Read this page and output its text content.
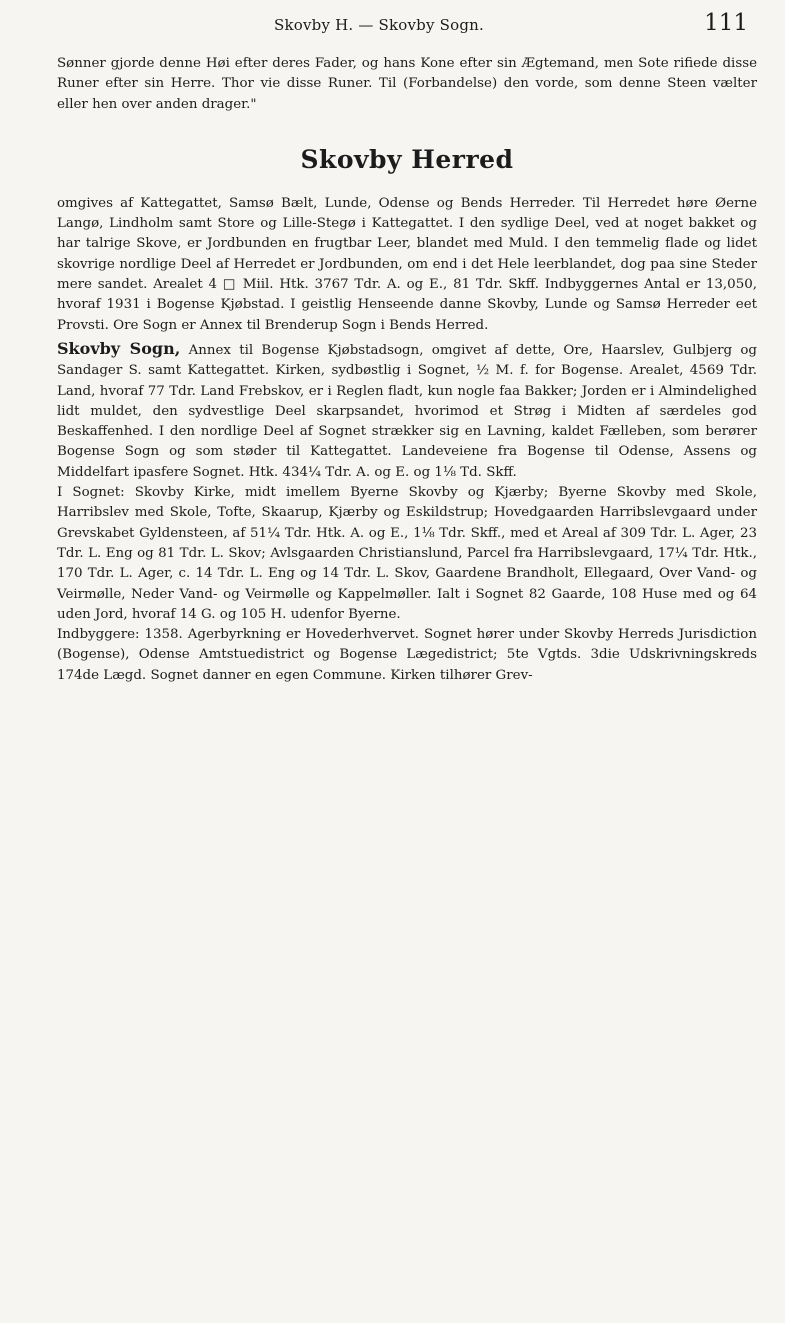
Skovby H. — Skovby Sogn.	111

Sønner gjorde denne Høi efter deres Fader, og hans Kone efter sin Ægtemand, men Sote rifiede disse Runer efter sin Herre. Thor vie disse Runer. Til (Forbandelse) den vorde, som denne Steen vælter eller hen over anden drager."

Skovby Herred

omgives af Kattegattet, Samsø Bælt, Lunde, Odense og Bends Herreder. Til Herredet høre Øerne Langø, Lindholm samt Store og Lille-Stegø i Kattegattet. I den sydlige Deel, ved at noget bakket og har talrige Skove, er Jordbunden en frugtbar Leer, blandet med Muld. I den temmelig flade og lidet skovrige nordlige Deel af Herredet er Jordbunden, om end i det Hele leerblandet, dog paa sine Steder mere sandet. Arealet 4 □ Miil. Htk. 3767 Tdr. A. og E., 81 Tdr. Skff. Indbyggernes Antal er 13,050, hvoraf 1931 i Bogense Kjøbstad. I geistlig Henseende danne Skovby, Lunde og Samsø Herreder eet Provsti. Ore Sogn er Annex til Brenderup Sogn i Bends Herred.

Skovby Sogn, Annex til Bogense Kjøbstadsogn, omgivet af dette, Ore, Haarslev, Gulbjerg og Sandager S. samt Kattegattet. Kirken, sydbøstlig i Sognet, ½ M. f. for Bogense. Arealet, 4569 Tdr. Land, hvoraf 77 Tdr. Land Frebskov, er i Reglen fladt, kun nogle faa Bakker; Jorden er i Almindelighed lidt muldet, den sydvestlige Deel skarpsandet, hvorimod et Strøg i Midten af særdeles god Beskaffenhed. I den nordlige Deel af Sognet strækker sig en Lavning, kaldet Fælleben, som berører Bogense Sogn og som støder til Kattegattet. Landeveiene fra Bogense til Odense, Assens og Middelfart ipasfere Sognet. Htk. 434¼ Tdr. A. og E. og 1⅛ Td. Skff.

I Sognet: Skovby Kirke, midt imellem Byerne Skovby og Kjærby; Byerne Skovby med Skole, Harribslev med Skole, Tofte, Skaarup, Kjærby og Eskildstrup; Hovedgaarden Harribslevgaard under Grevskabet Gyldensteen, af 51¼ Tdr. Htk. A. og E., 1⅛ Tdr. Skff., med et Areal af 309 Tdr. L. Ager, 23 Tdr. L. Eng og 81 Tdr. L. Skov; Avlsgaarden Christianslund, Parcel fra Harribslevgaard, 17¼ Tdr. Htk., 170 Tdr. L. Ager, c. 14 Tdr. L. Eng og 14 Tdr. L. Skov, Gaardene Brandholt, Ellegaard, Over Vand- og Veirmølle, Neder Vand- og Veirmølle og Kappelmøller. Ialt i Sognet 82 Gaarde, 108 Huse med og 64 uden Jord, hvoraf 14 G. og 105 H. udenfor Byerne.

Indbyggere: 1358. Agerbyrkning er Hovederhvervet. Sognet hører under Skovby Herreds Jurisdiction (Bogense), Odense Amtstuedistrict og Bogense Lægedistrict; 5te Vgtds. 3die Udskrivningskreds 174de Lægd. Sognet danner en egen Commune. Kirken tilhører Grev-
